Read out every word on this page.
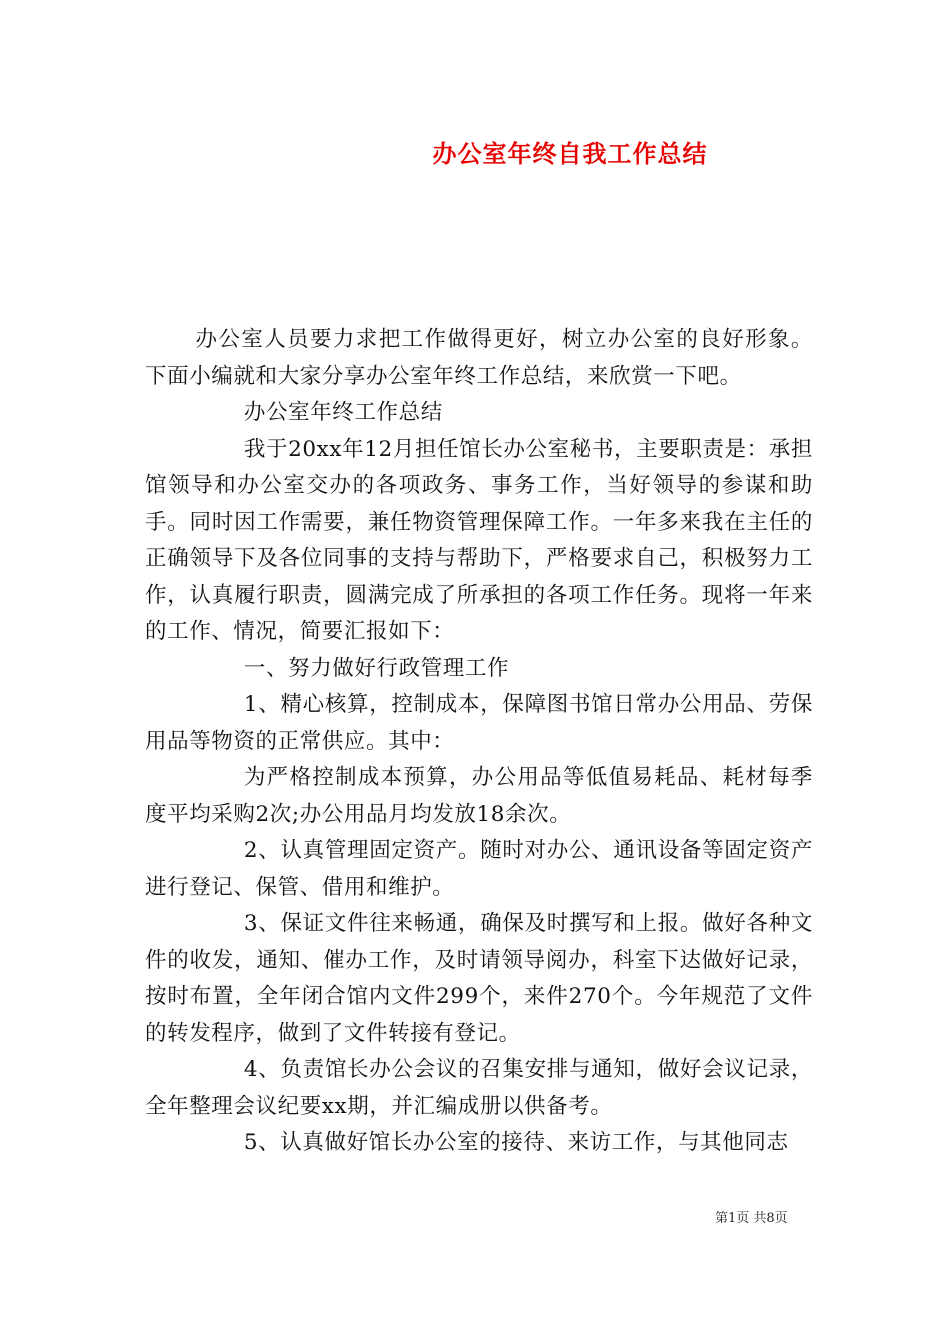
办公室年终自我工作总结

办公室人员要力求把工作做得更好，树立办公室的良好形象。下面小编就和大家分享办公室年终工作总结，来欣赏一下吧。

办公室年终工作总结

我于20xx年12月担任馆长办公室秘书，主要职责是：承担馆领导和办公室交办的各项政务、事务工作，当好领导的参谋和助手。同时因工作需要，兼任物资管理保障工作。一年多来我在主任的正确领导下及各位同事的支持与帮助下，严格要求自己，积极努力工作，认真履行职责，圆满完成了所承担的各项工作任务。现将一年来的工作、情况，简要汇报如下：

一、努力做好行政管理工作

1、精心核算，控制成本，保障图书馆日常办公用品、劳保用品等物资的正常供应。其中：

为严格控制成本预算，办公用品等低值易耗品、耗材每季度平均采购2次;办公用品月均发放18余次。

2、认真管理固定资产。随时对办公、通讯设备等固定资产进行登记、保管、借用和维护。

3、保证文件往来畅通，确保及时撰写和上报。做好各种文件的收发，通知、催办工作，及时请领导阅办，科室下达做好记录，按时布置，全年闭合馆内文件299个，来件270个。今年规范了文件的转发程序，做到了文件转接有登记。

4、负责馆长办公会议的召集安排与通知，做好会议记录，全年整理会议纪要xx期，并汇编成册以供备考。

5、认真做好馆长办公室的接待、来访工作，与其他同志

第1页 共8页
